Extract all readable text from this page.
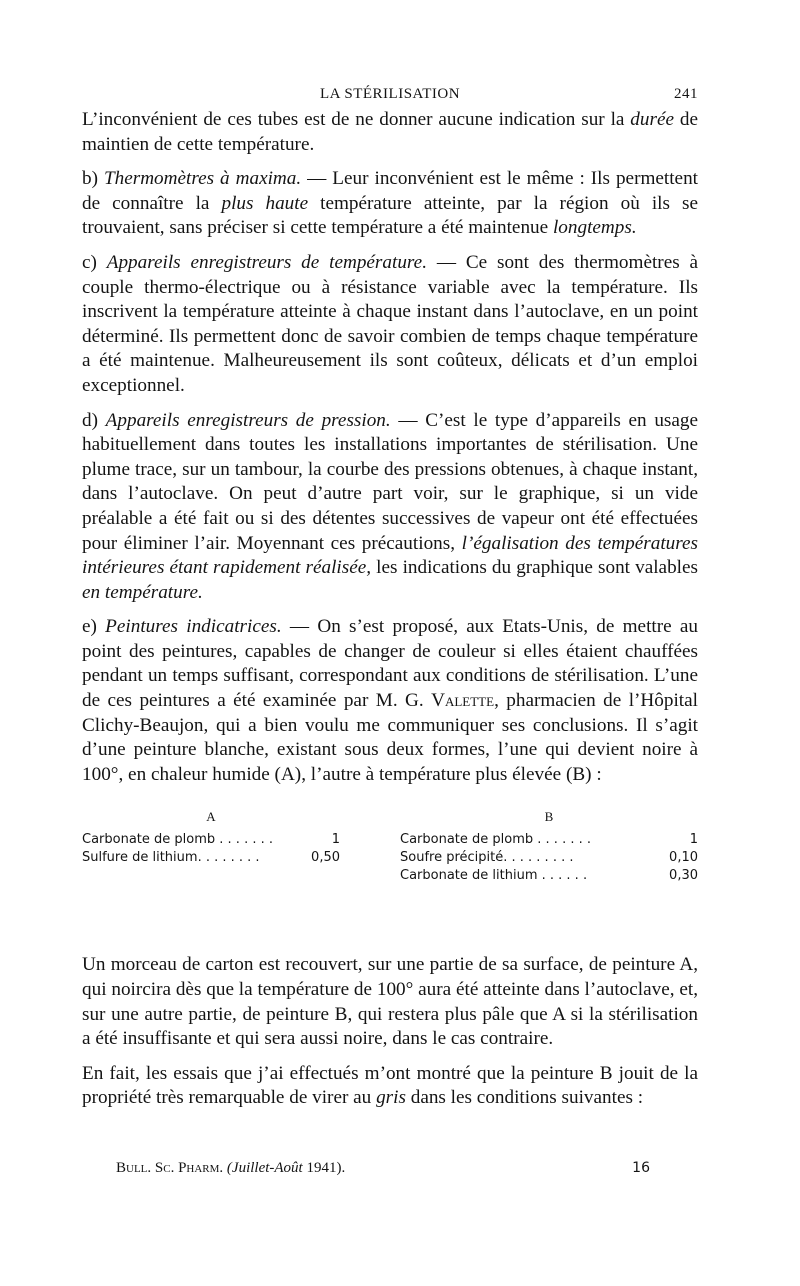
LA STÉRILISATION	241

L’inconvénient de ces tubes est de ne donner aucune indication sur la durée de maintien de cette température.

b) Thermomètres à maxima. — Leur inconvénient est le même : Ils permettent de connaître la plus haute température atteinte, par la région où ils se trouvaient, sans préciser si cette température a été maintenue longtemps.

c) Appareils enregistreurs de température. — Ce sont des thermomètres à couple thermo-électrique ou à résistance variable avec la température. Ils inscrivent la température atteinte à chaque instant dans l’autoclave, en un point déterminé. Ils permettent donc de savoir combien de temps chaque température a été maintenue. Malheureusement ils sont coûteux, délicats et d’un emploi exceptionnel.

d) Appareils enregistreurs de pression. — C’est le type d’appareils en usage habituellement dans toutes les installations importantes de stérilisation. Une plume trace, sur un tambour, la courbe des pressions obtenues, à chaque instant, dans l’autoclave. On peut d’autre part voir, sur le graphique, si un vide préalable a été fait ou si des détentes successives de vapeur ont été effectuées pour éliminer l’air. Moyennant ces précautions, l’égalisation des températures intérieures étant rapidement réalisée, les indications du graphique sont valables en température.

e) Peintures indicatrices. — On s’est proposé, aux Etats-Unis, de mettre au point des peintures, capables de changer de couleur si elles étaient chauffées pendant un temps suffisant, correspondant aux conditions de stérilisation. L’une de ces peintures a été examinée par M. G. Valette, pharmacien de l’Hôpital Clichy-Beaujon, qui a bien voulu me communiquer ses conclusions. Il s’agit d’une peinture blanche, existant sous deux formes, l’une qui devient noire à 100°, en chaleur humide (A), l’autre à température plus élevée (B) :

A
Carbonate de plomb . . . . . . .	1
Sulfure de lithium. . . . . . . .	0,50
B
Carbonate de plomb . . . . . . .	1
Soufre précipité. . . . . . . . .	0,10
Carbonate de lithium . . . . . .	0,30

Un morceau de carton est recouvert, sur une partie de sa surface, de peinture A, qui noircira dès que la température de 100° aura été atteinte dans l’autoclave, et, sur une autre partie, de peinture B, qui restera plus pâle que A si la stérilisation a été insuffisante et qui sera aussi noire, dans le cas contraire.

En fait, les essais que j’ai effectués m’ont montré que la peinture B jouit de la propriété très remarquable de virer au gris dans les conditions suivantes :

Bull. Sc. Pharm. (Juillet-Août 1941).	16
